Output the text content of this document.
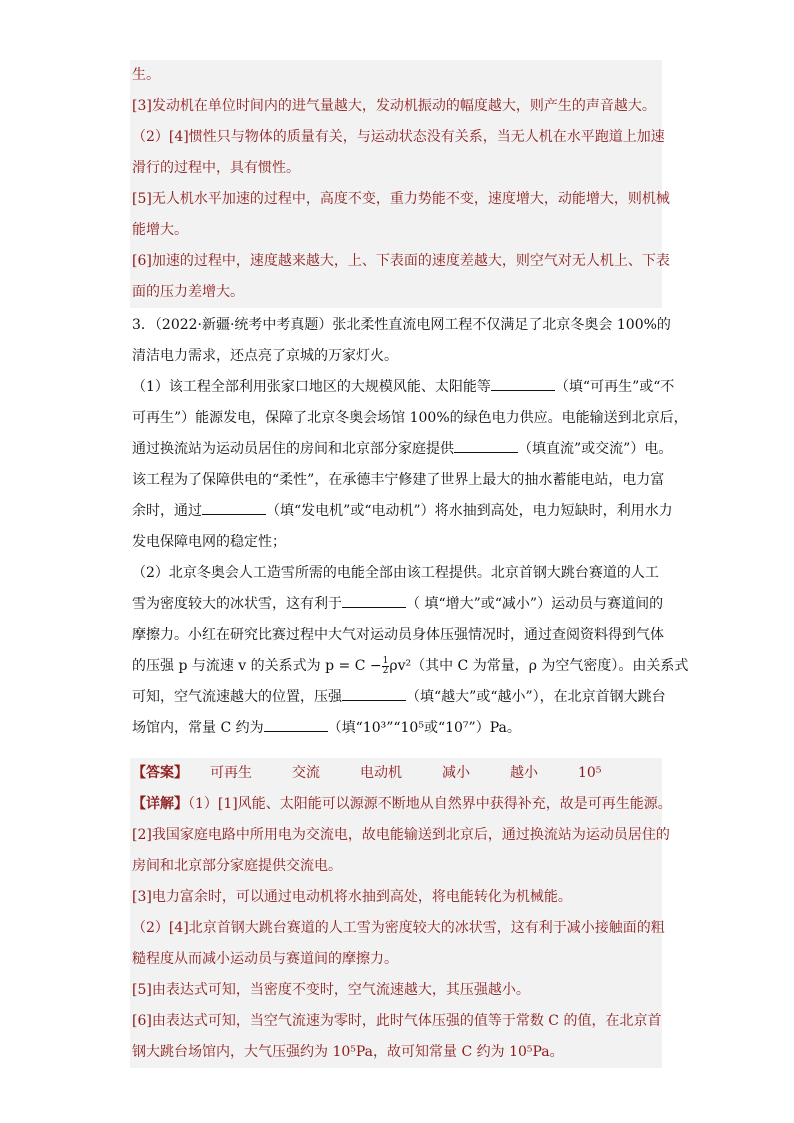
生。
[3]发动机在单位时间内的进气量越大，发动机振动的幅度越大，则产生的声音越大。
（2）[4]惯性只与物体的质量有关，与运动状态没有关系，当无人机在水平跑道上加速
滑行的过程中，具有惯性。
[5]无人机水平加速的过程中，高度不变，重力势能不变，速度增大，动能增大，则机械
能增大。
[6]加速的过程中，速度越来越大，上、下表面的速度差越大，则空气对无人机上、下表
面的压力差增大。
3．（2022·新疆·统考中考真题）张北柔性直流电网工程不仅满足了北京冬奥会 100%的
清洁电力需求，还点亮了京城的万家灯火。
（1）该工程全部利用张家口地区的大规模风能、太阳能等	（填“可再生”或“不
可再生”）能源发电，保障了北京冬奥会场馆 100%的绿色电力供应。电能输送到北京后，
通过换流站为运动员居住的房间和北京部分家庭提供	（填直流”或交流”）电。
该工程为了保障供电的“柔性”，在承德丰宁修建了世界上最大的抽水蓄能电站，电力富
余时，通过	（填“发电机”或“电动机”）将水抽到高处，电力短缺时，利用水力
发电保障电网的稳定性；
（2）北京冬奥会人工造雪所需的电能全部由该工程提供。北京首钢大跳台赛道的人工
雪为密度较大的冰状雪，这有利于	（ 填“增大”或“减小”）运动员与赛道间的
摩擦力。小红在研究比赛过程中大气对运动员身体压强情况时，通过查阅资料得到气体
的压强 p 与流速 v 的关系式为 $p = C - \frac{1}{2} \rho v^2$（其中 C 为常量，ρ 为空气密度）。由关系式
可知，空气流速越大的位置，压强	（填“越大”或“越小”），在北京首钢大跳台
场馆内，常量 C 约为	（填“10³”“10⁵或“10⁷”）Pa。
【答案】 可再生	交流	电动机	减小	越小	10⁵
【详解】（1）[1]风能、太阳能可以源源不断地从自然界中获得补充，故是可再生能源。
[2]我国家庭电路中所用电为交流电，故电能输送到北京后，通过换流站为运动员居住的
房间和北京部分家庭提供交流电。
[3]电力富余时，可以通过电动机将水抽到高处，将电能转化为机械能。
（2）[4]北京首钢大跳台赛道的人工雪为密度较大的冰状雪，这有利于减小接触面的粗
糙程度从而减小运动员与赛道间的摩擦力。
[5]由表达式可知，当密度不变时，空气流速越大，其压强越小。
[6]由表达式可知，当空气流速为零时，此时气体压强的值等于常数 C 的值，在北京首
钢大跳台场馆内，大气压强约为 10⁵Pa，故可知常量 C 约为 10⁵Pa。
